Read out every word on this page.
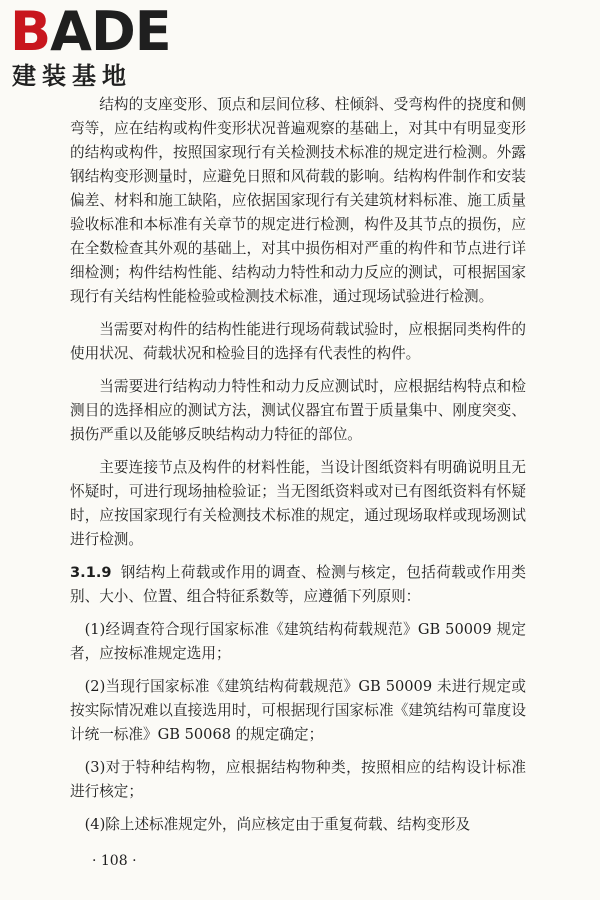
BADE
建装基地

结构的支座变形、顶点和层间位移、柱倾斜、受弯构件的挠度和侧弯等，应在结构或构件变形状况普遍观察的基础上，对其中有明显变形的结构或构件，按照国家现行有关检测技术标准的规定进行检测。外露钢结构变形测量时，应避免日照和风荷载的影响。结构构件制作和安装偏差、材料和施工缺陷，应依据国家现行有关建筑材料标准、施工质量验收标准和本标准有关章节的规定进行检测，构件及其节点的损伤，应在全数检查其外观的基础上，对其中损伤相对严重的构件和节点进行详细检测；构件结构性能、结构动力特性和动力反应的测试，可根据国家现行有关结构性能检验或检测技术标准，通过现场试验进行检测。

当需要对构件的结构性能进行现场荷载试验时，应根据同类构件的使用状况、荷载状况和检验目的选择有代表性的构件。

当需要进行结构动力特性和动力反应测试时，应根据结构特点和检测目的选择相应的测试方法，测试仪器宜布置于质量集中、刚度突变、损伤严重以及能够反映结构动力特征的部位。

主要连接节点及构件的材料性能，当设计图纸资料有明确说明且无怀疑时，可进行现场抽检验证；当无图纸资料或对已有图纸资料有怀疑时，应按国家现行有关检测技术标准的规定，通过现场取样或现场测试进行检测。

3.1.9 钢结构上荷载或作用的调查、检测与核定，包括荷载或作用类别、大小、位置、组合特征系数等，应遵循下列原则：

(1)经调查符合现行国家标准《建筑结构荷载规范》GB 50009 规定者，应按标准规定选用；

(2)当现行国家标准《建筑结构荷载规范》GB 50009 未进行规定或按实际情况难以直接选用时，可根据现行国家标准《建筑结构可靠度设计统一标准》GB 50068 的规定确定；

(3)对于特种结构物，应根据结构物种类，按照相应的结构设计标准进行核定；

(4)除上述标准规定外，尚应核定由于重复荷载、结构变形及

· 108 ·
